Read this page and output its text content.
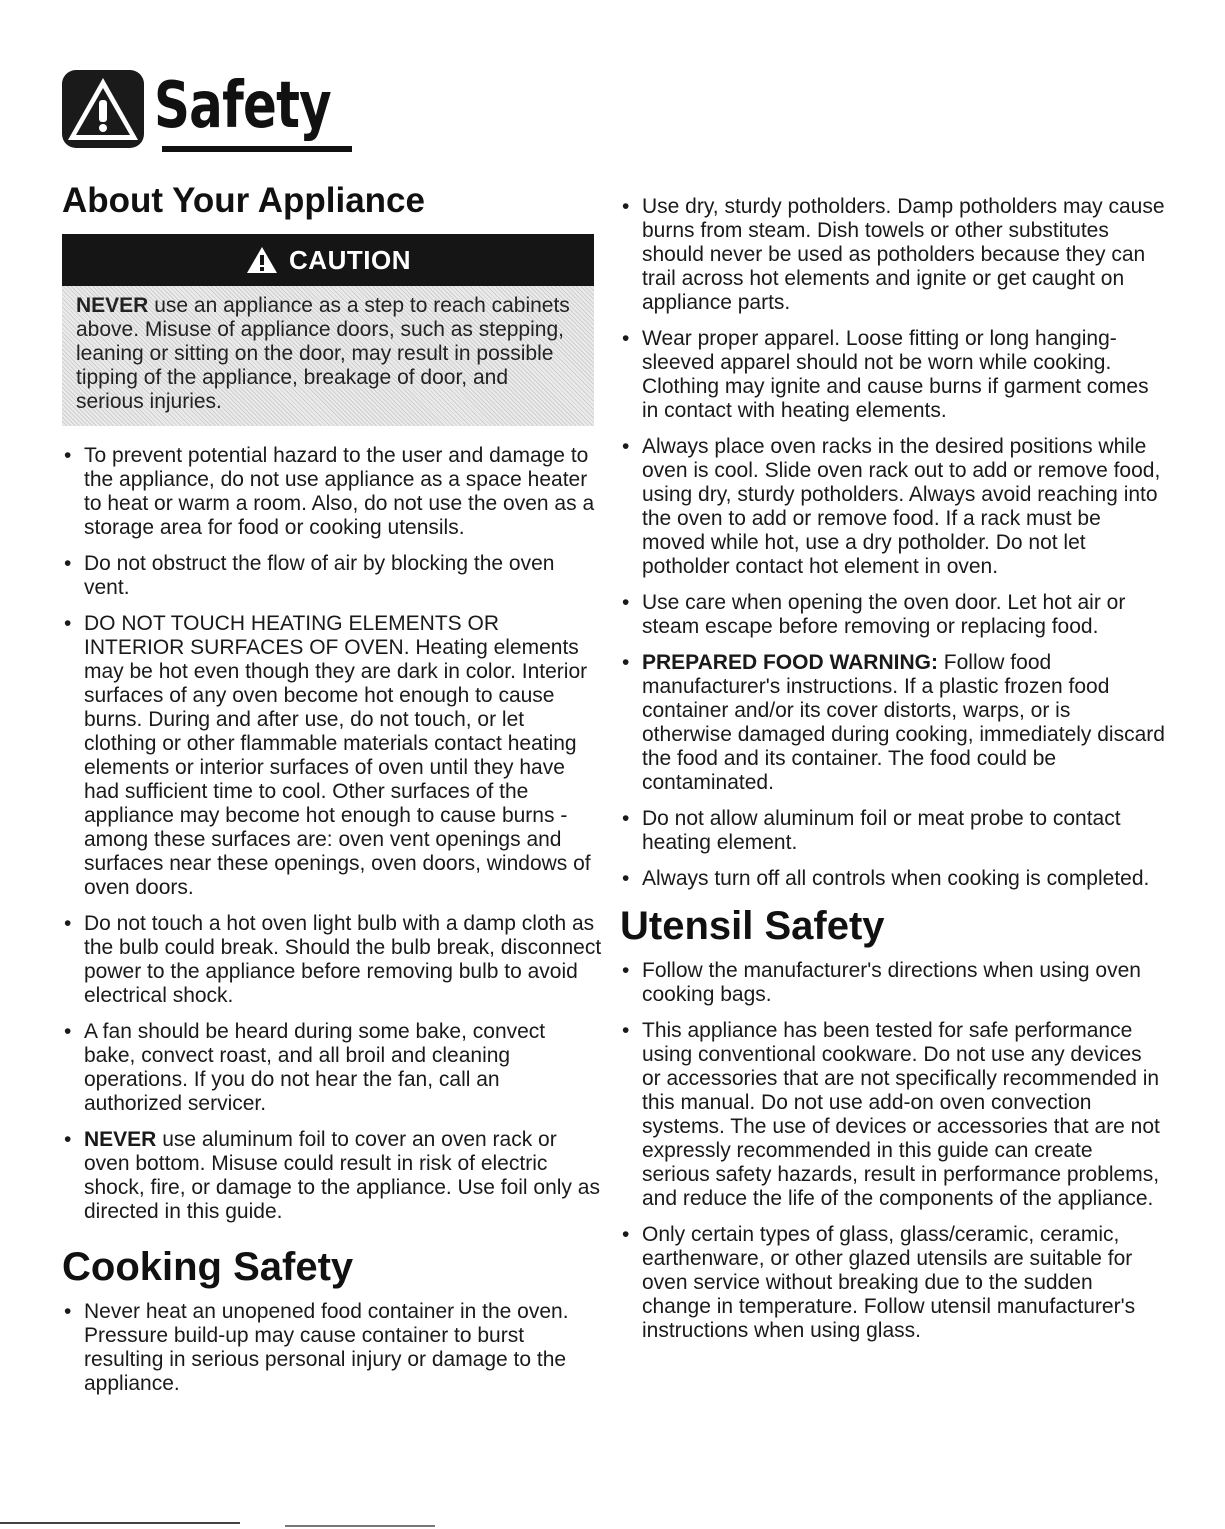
Safety
About Your Appliance
CAUTION
NEVER use an appliance as a step to reach cabinets above. Misuse of appliance doors, such as stepping, leaning or sitting on the door, may result in possible tipping of the appliance, breakage of door, and serious injuries.
• To prevent potential hazard to the user and damage to the appliance, do not use appliance as a space heater to heat or warm a room. Also, do not use the oven as a storage area for food or cooking utensils.
• Do not obstruct the flow of air by blocking the oven vent.
• DO NOT TOUCH HEATING ELEMENTS OR INTERIOR SURFACES OF OVEN. Heating elements may be hot even though they are dark in color. Interior surfaces of any oven become hot enough to cause burns. During and after use, do not touch, or let clothing or other flammable materials contact heating elements or interior surfaces of oven until they have had sufficient time to cool. Other surfaces of the appliance may become hot enough to cause burns - among these surfaces are: oven vent openings and surfaces near these openings, oven doors, windows of oven doors.
• Do not touch a hot oven light bulb with a damp cloth as the bulb could break. Should the bulb break, disconnect power to the appliance before removing bulb to avoid electrical shock.
• A fan should be heard during some bake, convect bake, convect roast, and all broil and cleaning operations. If you do not hear the fan, call an authorized servicer.
• NEVER use aluminum foil to cover an oven rack or oven bottom. Misuse could result in risk of electric shock, fire, or damage to the appliance. Use foil only as directed in this guide.
Cooking Safety
• Never heat an unopened food container in the oven. Pressure build-up may cause container to burst resulting in serious personal injury or damage to the appliance.
• Use dry, sturdy potholders. Damp potholders may cause burns from steam. Dish towels or other substitutes should never be used as potholders because they can trail across hot elements and ignite or get caught on appliance parts.
• Wear proper apparel. Loose fitting or long hanging-sleeved apparel should not be worn while cooking. Clothing may ignite and cause burns if garment comes in contact with heating elements.
• Always place oven racks in the desired positions while oven is cool. Slide oven rack out to add or remove food, using dry, sturdy potholders. Always avoid reaching into the oven to add or remove food. If a rack must be moved while hot, use a dry potholder. Do not let potholder contact hot element in oven.
• Use care when opening the oven door. Let hot air or steam escape before removing or replacing food.
• PREPARED FOOD WARNING: Follow food manufacturer's instructions. If a plastic frozen food container and/or its cover distorts, warps, or is otherwise damaged during cooking, immediately discard the food and its container. The food could be contaminated.
• Do not allow aluminum foil or meat probe to contact heating element.
• Always turn off all controls when cooking is completed.
Utensil Safety
• Follow the manufacturer's directions when using oven cooking bags.
• This appliance has been tested for safe performance using conventional cookware. Do not use any devices or accessories that are not specifically recommended in this manual. Do not use add-on oven convection systems. The use of devices or accessories that are not expressly recommended in this guide can create serious safety hazards, result in performance problems, and reduce the life of the components of the appliance.
• Only certain types of glass, glass/ceramic, ceramic, earthenware, or other glazed utensils are suitable for oven service without breaking due to the sudden change in temperature. Follow utensil manufacturer's instructions when using glass.
